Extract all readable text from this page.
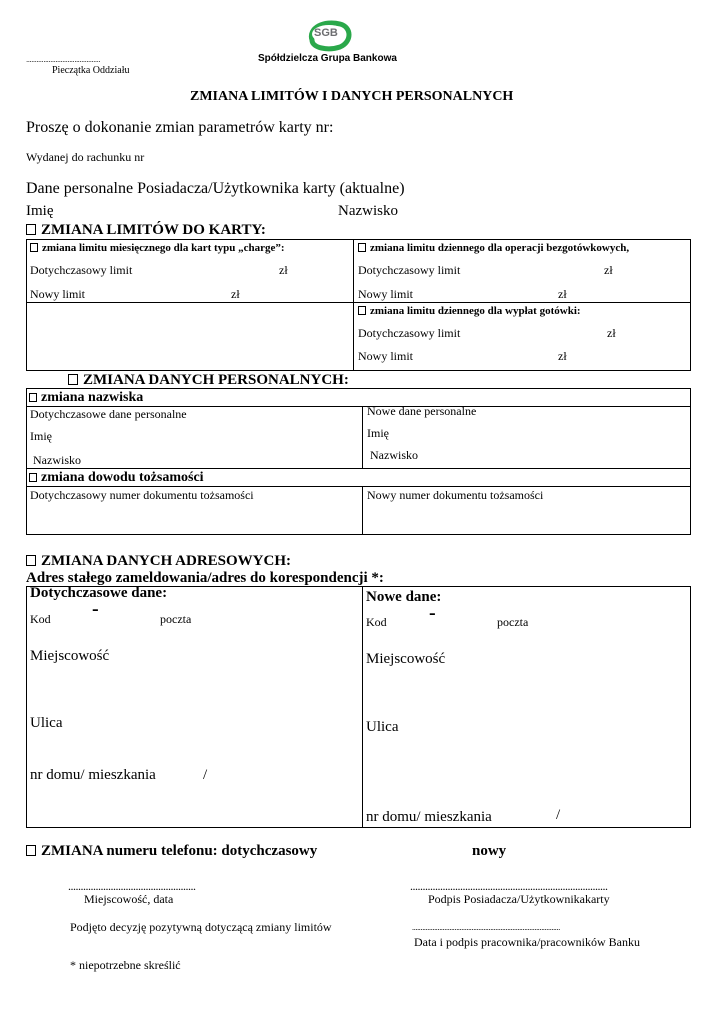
...........................................
Pieczątka Oddziału
SGB
Spółdzielcza Grupa Bankowa
ZMIANA LIMITÓW I DANYCH PERSONALNYCH
Proszę o dokonanie zmian parametrów karty nr:
Wydanej do rachunku nr
Dane personalne Posiadacza/Użytkownika karty (aktualne)
Imię	Nazwisko
ZMIANA LIMITÓW DO KARTY:
zmiana limitu miesięcznego dla kart typu „charge”:
Dotychczasowy limit	zł
Nowy limit	zł
zmiana limitu dziennego dla operacji bezgotówkowych,
Dotychczasowy limit	zł
Nowy limit	zł
zmiana limitu dziennego dla wypłat gotówki:
Dotychczasowy limit	zł
Nowy limit	zł
ZMIANA DANYCH PERSONALNYCH:
zmiana nazwiska
Dotychczasowe dane personalne
Imię
Nazwisko
Nowe dane personalne
Imię
Nazwisko
zmiana dowodu tożsamości
Dotychczasowy numer dokumentu tożsamości	Nowy numer dokumentu tożsamości
ZMIANA DANYCH ADRESOWYCH:
Adres stałego zameldowania/adres do korespondencji *:
Dotychczasowe dane:
Kod -	poczta
Miejscowość
Ulica
nr domu/ mieszkania	/
Nowe dane:
Kod -	poczta
Miejscowość
Ulica
nr domu/ mieszkania	/
ZMIANA numeru telefonu: dotychczasowy	nowy
...................................................
Miejscowość, data
...............................................................................
Podpis Posiadacza/Użytkownikakarty
Podjęto decyzję pozytywną dotyczącą zmiany limitów	.......................................................................................
Data i podpis pracownika/pracowników Banku
* niepotrzebne skreślić
